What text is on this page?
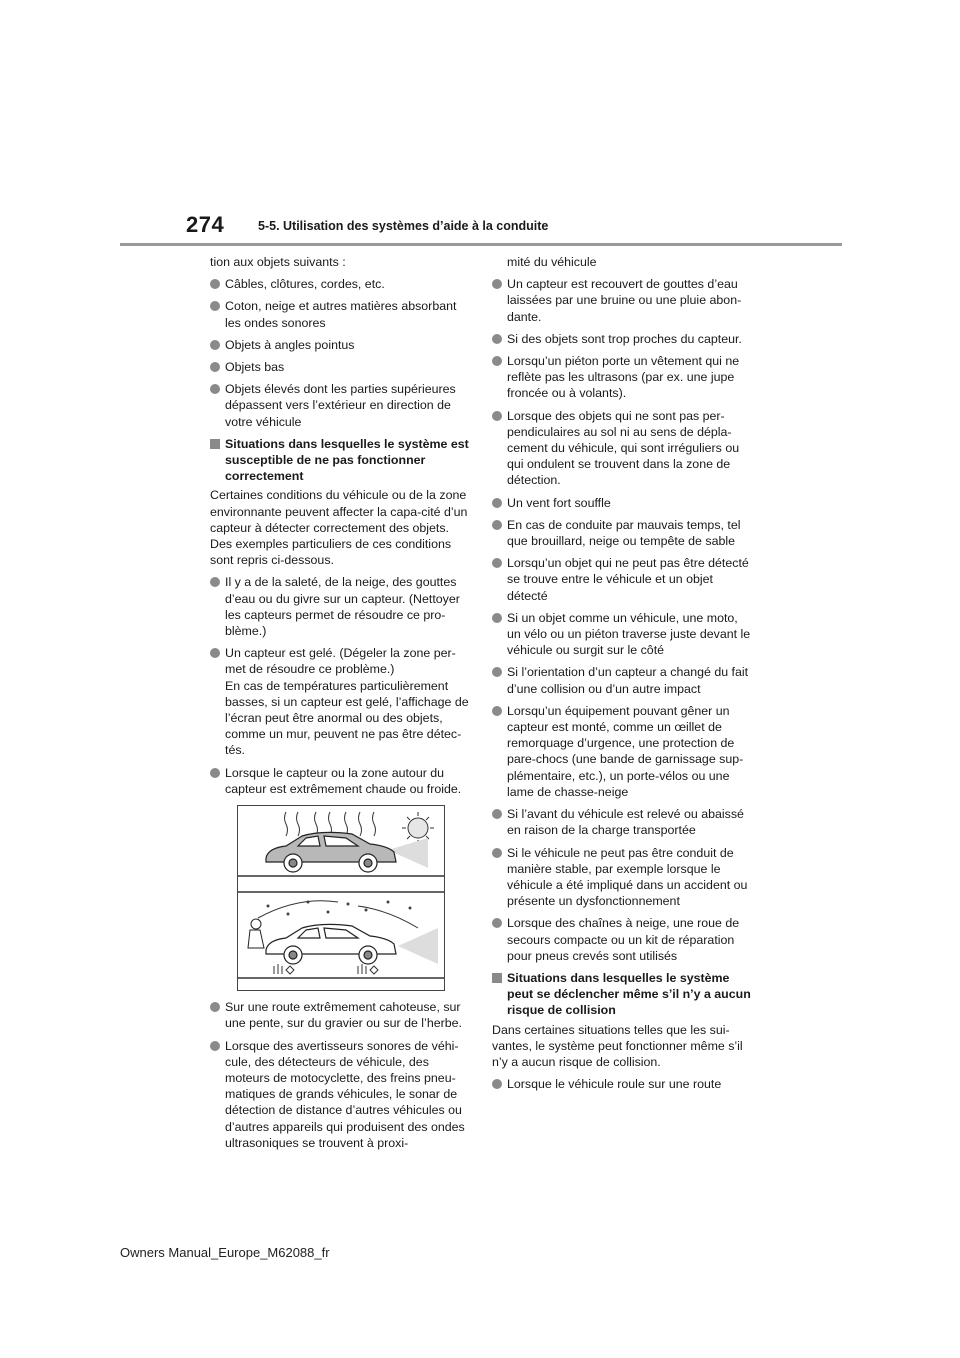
274	5-5. Utilisation des systèmes d’aide à la conduite

tion aux objets suivants :

Câbles, clôtures, cordes, etc.
Coton, neige et autres matières absorbant les ondes sonores
Objets à angles pointus
Objets bas
Objets élevés dont les parties supérieures dépassent vers l’extérieur en direction de votre véhicule
Situations dans lesquelles le système est susceptible de ne pas fonctionner correctement

Certaines conditions du véhicule ou de la zone environnante peuvent affecter la capa-cité d’un capteur à détecter correctement des objets. Des exemples particuliers de ces conditions sont repris ci-dessous.

Il y a de la saleté, de la neige, des gouttes d’eau ou du givre sur un capteur. (Nettoyer les capteurs permet de résoudre ce pro-blème.)
Un capteur est gelé. (Dégeler la zone per-met de résoudre ce problème.)
En cas de températures particulièrement basses, si un capteur est gelé, l’affichage de l’écran peut être anormal ou des objets, comme un mur, peuvent ne pas être détec-tés.
Lorsque le capteur ou la zone autour du capteur est extrêmement chaude ou froide.
Sur une route extrêmement cahoteuse, sur une pente, sur du gravier ou sur de l’herbe.
Lorsque des avertisseurs sonores de véhi-cule, des détecteurs de véhicule, des moteurs de motocyclette, des freins pneu-matiques de grands véhicules, le sonar de détection de distance d’autres véhicules ou d’autres appareils qui produisent des ondes ultrasoniques se trouvent à proxi-

mité du véhicule

Un capteur est recouvert de gouttes d’eau laissées par une bruine ou une pluie abon-dante.
Si des objets sont trop proches du capteur.
Lorsqu’un piéton porte un vêtement qui ne reflète pas les ultrasons (par ex. une jupe froncée ou à volants).
Lorsque des objets qui ne sont pas per-pendiculaires au sol ni au sens de dépla-cement du véhicule, qui sont irréguliers ou qui ondulent se trouvent dans la zone de détection.
Un vent fort souffle
En cas de conduite par mauvais temps, tel que brouillard, neige ou tempête de sable
Lorsqu’un objet qui ne peut pas être détecté se trouve entre le véhicule et un objet détecté
Si un objet comme un véhicule, une moto, un vélo ou un piéton traverse juste devant le véhicule ou surgit sur le côté
Si l’orientation d’un capteur a changé du fait d’une collision ou d’un autre impact
Lorsqu’un équipement pouvant gêner un capteur est monté, comme un œillet de remorquage d’urgence, une protection de pare-chocs (une bande de garnissage sup-plémentaire, etc.), un porte-vélos ou une lame de chasse-neige
Si l’avant du véhicule est relevé ou abaissé en raison de la charge transportée
Si le véhicule ne peut pas être conduit de manière stable, par exemple lorsque le véhicule a été impliqué dans un accident ou présente un dysfonctionnement
Lorsque des chaînes à neige, une roue de secours compacte ou un kit de réparation pour pneus crevés sont utilisés
Situations dans lesquelles le système peut se déclencher même s’il n’y a aucun risque de collision

Dans certaines situations telles que les sui-vantes, le système peut fonctionner même s’il n’y a aucun risque de collision.

Lorsque le véhicule roule sur une route
Owners Manual_Europe_M62088_fr
